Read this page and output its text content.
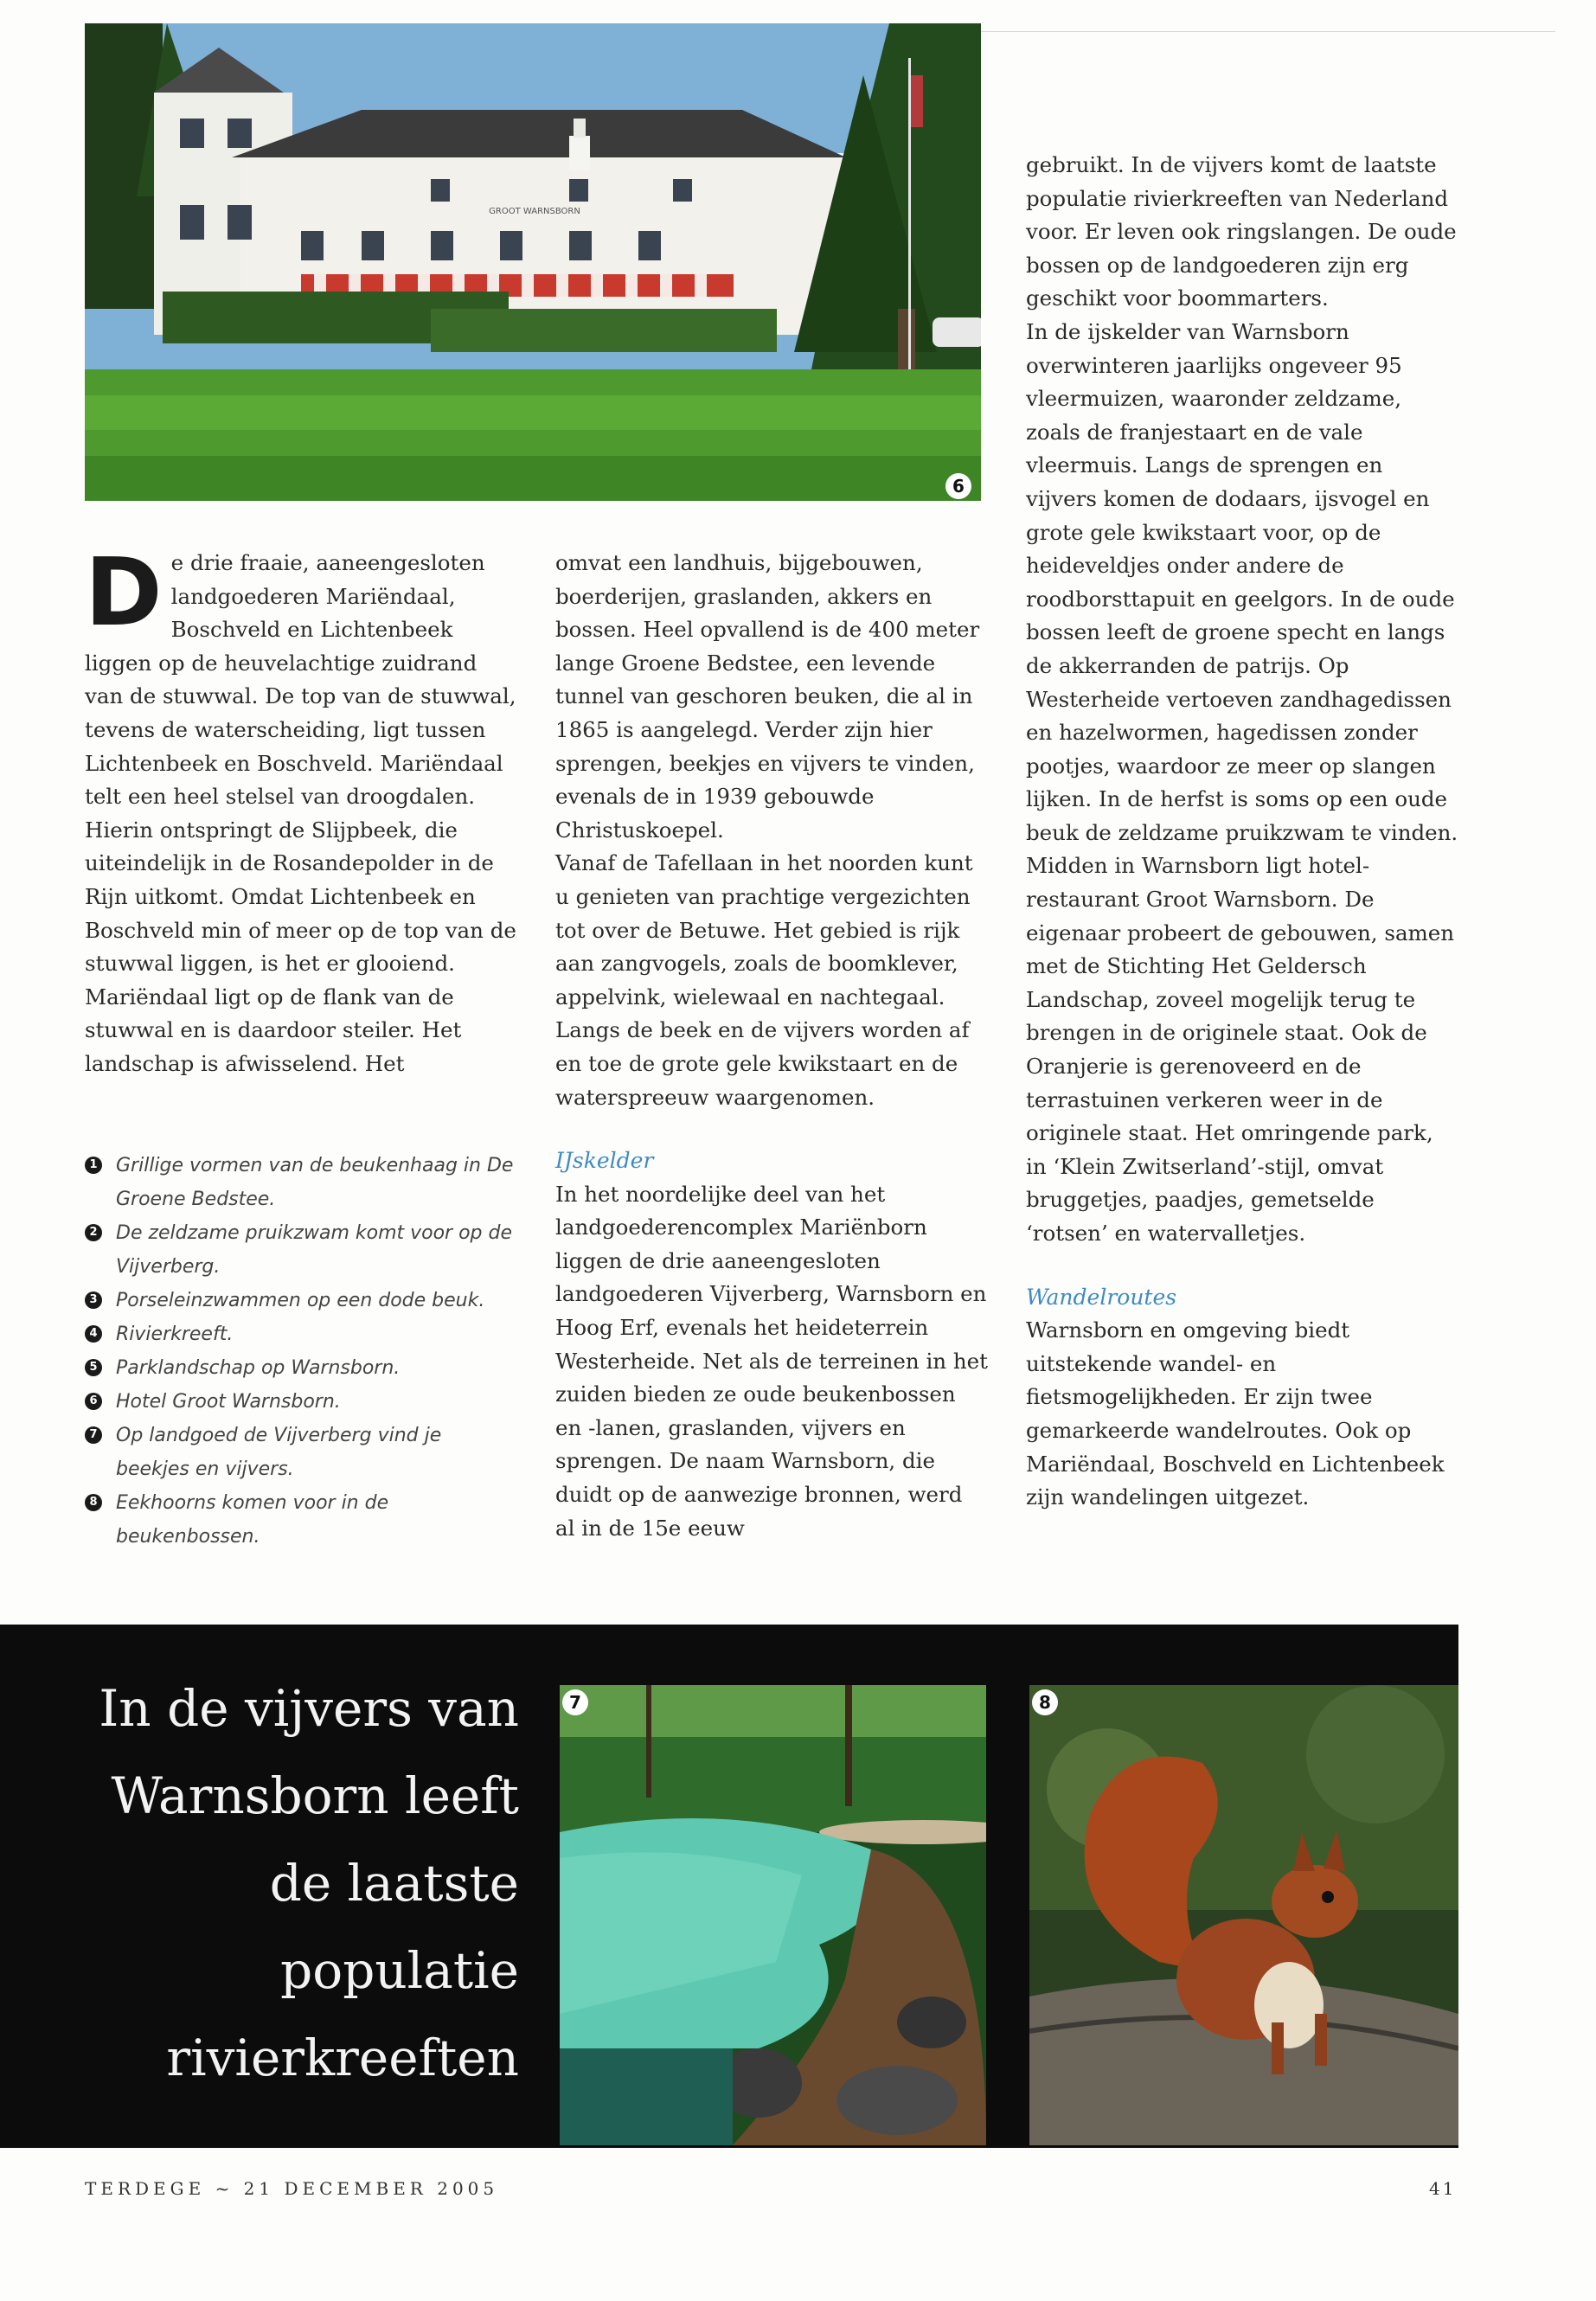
GROOT WARNSBORN
6
D e drie fraaie, aaneengesloten landgoederen Mariëndaal, Boschveld en Lichtenbeek liggen op de heuvelachtige zuidrand van de stuwwal. De top van de stuwwal, tevens de waterscheiding, ligt tussen Lichtenbeek en Boschveld. Mariëndaal telt een heel stelsel van droogdalen. Hierin ontspringt de Slijpbeek, die uiteindelijk in de Rosandepolder in de Rijn uitkomt. Omdat Lichtenbeek en Boschveld min of meer op de top van de stuwwal liggen, is het er glooiend. Mariëndaal ligt op de flank van de stuwwal en is daardoor steiler. Het landschap is afwisselend. Het

1 Grillige vormen van de beukenhaag in De Groene Bedstee.
2 De zeldzame pruikzwam komt voor op de Vijverberg.
3 Porseleinzwammen op een dode beuk.
4 Rivierkreeft.
5 Parklandschap op Warnsborn.
6 Hotel Groot Warnsborn.
7 Op landgoed de Vijverberg vind je beekjes en vijvers.
8 Eekhoorns komen voor in de beukenbossen.

omvat een landhuis, bijgebouwen, boerderijen, graslanden, akkers en bossen. Heel opvallend is de 400 meter lange Groene Bedstee, een levende tunnel van geschoren beuken, die al in 1865 is aangelegd. Verder zijn hier sprengen, beekjes en vijvers te vinden, evenals de in 1939 gebouwde Christuskoepel.

Vanaf de Tafellaan in het noorden kunt u genieten van prachtige vergezichten tot over de Betuwe. Het gebied is rijk aan zangvogels, zoals de boomklever, appelvink, wielewaal en nachtegaal. Langs de beek en de vijvers worden af en toe de grote gele kwikstaart en de waterspreeuw waargenomen.

IJskelder

In het noordelijke deel van het landgoederencomplex Mariënborn liggen de drie aaneengesloten landgoederen Vijverberg, Warnsborn en Hoog Erf, evenals het heideterrein Westerheide. Net als de terreinen in het zuiden bieden ze oude beukenbossen en -lanen, graslanden, vijvers en sprengen. De naam Warnsborn, die duidt op de aanwezige bronnen, werd al in de 15e eeuw

gebruikt. In de vijvers komt de laatste populatie rivierkreeften van Nederland voor. Er leven ook ringslangen. De oude bossen op de landgoederen zijn erg geschikt voor boommarters.

In de ijskelder van Warnsborn overwinteren jaarlijks ongeveer 95 vleermuizen, waaronder zeldzame, zoals de franjestaart en de vale vleermuis. Langs de sprengen en vijvers komen de dodaars, ijsvogel en grote gele kwikstaart voor, op de heideveldjes onder andere de roodborsttapuit en geelgors. In de oude bossen leeft de groene specht en langs de akkerranden de patrijs. Op Westerheide vertoeven zandhagedissen en hazelwormen, hagedissen zonder pootjes, waardoor ze meer op slangen lijken. In de herfst is soms op een oude beuk de zeldzame pruikzwam te vinden.

Midden in Warnsborn ligt hotel-restaurant Groot Warnsborn. De eigenaar probeert de gebouwen, samen met de Stichting Het Geldersch Landschap, zoveel mogelijk terug te brengen in de originele staat. Ook de Oranjerie is gerenoveerd en de terrastuinen verkeren weer in de originele staat. Het omringende park, in ‘Klein Zwitserland’-stijl, omvat bruggetjes, paadjes, gemetselde ‘rotsen’ en watervalletjes.

Wandelroutes

Warnsborn en omgeving biedt uitstekende wandel- en fietsmogelijkheden. Er zijn twee gemarkeerde wandelroutes. Ook op Mariëndaal, Boschveld en Lichtenbeek zijn wandelingen uitgezet.

In de vijvers van
Warnsborn leeft
de laatste
populatie
rivierkreeften
7	8
TERDEGE ~ 21 DECEMBER 2005	41
